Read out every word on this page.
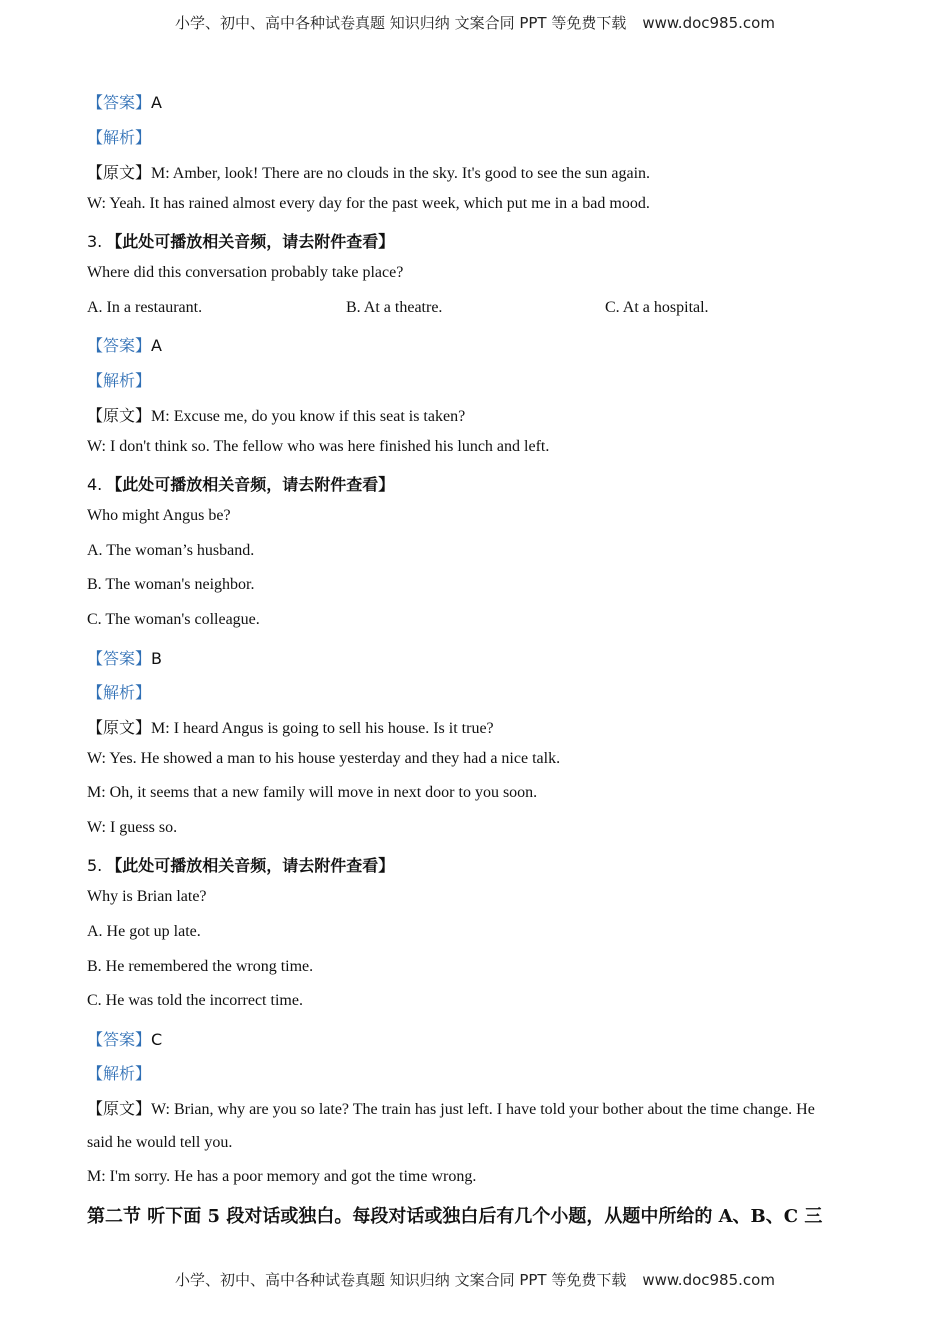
小学、初中、高中各种试卷真题 知识归纳 文案合同 PPT 等免费下载 www.doc985.com
【答案】A
【解析】
【原文】M: Amber, look! There are no clouds in the sky. It's good to see the sun again.
W: Yeah. It has rained almost every day for the past week, which put me in a bad mood.
3. 【此处可播放相关音频，请去附件查看】
Where did this conversation probably take place?
A. In a restaurant.	B. At a theatre.	C. At a hospital.
【答案】A
【解析】
【原文】M: Excuse me, do you know if this seat is taken?
W: I don't think so. The fellow who was here finished his lunch and left.
4. 【此处可播放相关音频，请去附件查看】
Who might Angus be?
A. The woman’s husband.
B. The woman's neighbor.
C. The woman's colleague.
【答案】B
【解析】
【原文】M: I heard Angus is going to sell his house. Is it true?
W: Yes. He showed a man to his house yesterday and they had a nice talk.
M: Oh, it seems that a new family will move in next door to you soon.
W: I guess so.
5. 【此处可播放相关音频，请去附件查看】
Why is Brian late?
A. He got up late.
B. He remembered the wrong time.
C. He was told the incorrect time.
【答案】C
【解析】
【原文】W: Brian, why are you so late? The train has just left. I have told your bother about the time change. He
said he would tell you.
M: I'm sorry. He has a poor memory and got the time wrong.
第二节 听下面 5 段对话或独白。每段对话或独白后有几个小题，从题中所给的 A、B、C 三
小学、初中、高中各种试卷真题 知识归纳 文案合同 PPT 等免费下载 www.doc985.com
